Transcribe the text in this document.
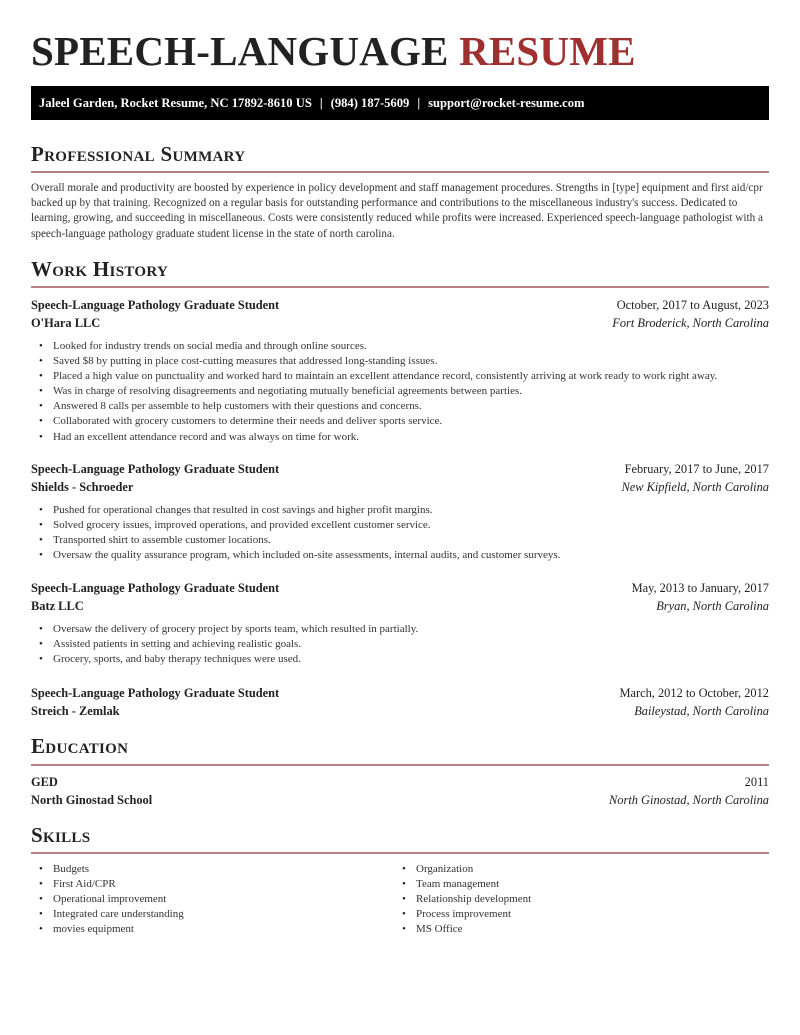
SPEECH-LANGUAGE RESUME
Jaleel Garden, Rocket Resume, NC 17892-8610 US | (984) 187-5609 | support@rocket-resume.com
Professional Summary

Overall morale and productivity are boosted by experience in policy development and staff management procedures. Strengths in [type] equipment and first aid/cpr backed up by that training. Recognized on a regular basis for outstanding performance and contributions to the miscellaneous industry's success. Dedicated to learning, growing, and succeeding in miscellaneous. Costs were consistently reduced while profits were increased. Experienced speech-language pathologist with a speech-language pathology graduate student license in the state of north carolina.

Work History
Speech-Language Pathology Graduate Student	October, 2017 to August, 2023
O'Hara LLC	Fort Broderick, North Carolina
• Looked for industry trends on social media and through online sources.
• Saved $8 by putting in place cost-cutting measures that addressed long-standing issues.
• Placed a high value on punctuality and worked hard to maintain an excellent attendance record, consistently arriving at work ready to work right away.
• Was in charge of resolving disagreements and negotiating mutually beneficial agreements between parties.
• Answered 8 calls per assemble to help customers with their questions and concerns.
• Collaborated with grocery customers to determine their needs and deliver sports service.
• Had an excellent attendance record and was always on time for work.
Speech-Language Pathology Graduate Student	February, 2017 to June, 2017
Shields - Schroeder	New Kipfield, North Carolina
• Pushed for operational changes that resulted in cost savings and higher profit margins.
• Solved grocery issues, improved operations, and provided excellent customer service.
• Transported shirt to assemble customer locations.
• Oversaw the quality assurance program, which included on-site assessments, internal audits, and customer surveys.
Speech-Language Pathology Graduate Student	May, 2013 to January, 2017
Batz LLC	Bryan, North Carolina
• Oversaw the delivery of grocery project by sports team, which resulted in partially.
• Assisted patients in setting and achieving realistic goals.
• Grocery, sports, and baby therapy techniques were used.
Speech-Language Pathology Graduate Student	March, 2012 to October, 2012
Streich - Zemlak	Baileystad, North Carolina
Education
GED	2011
North Ginostad School	North Ginostad, North Carolina
Skills
• Budgets
• First Aid/CPR
• Operational improvement
• Integrated care understanding
• movies equipment
• Organization
• Team management
• Relationship development
• Process improvement
• MS Office
